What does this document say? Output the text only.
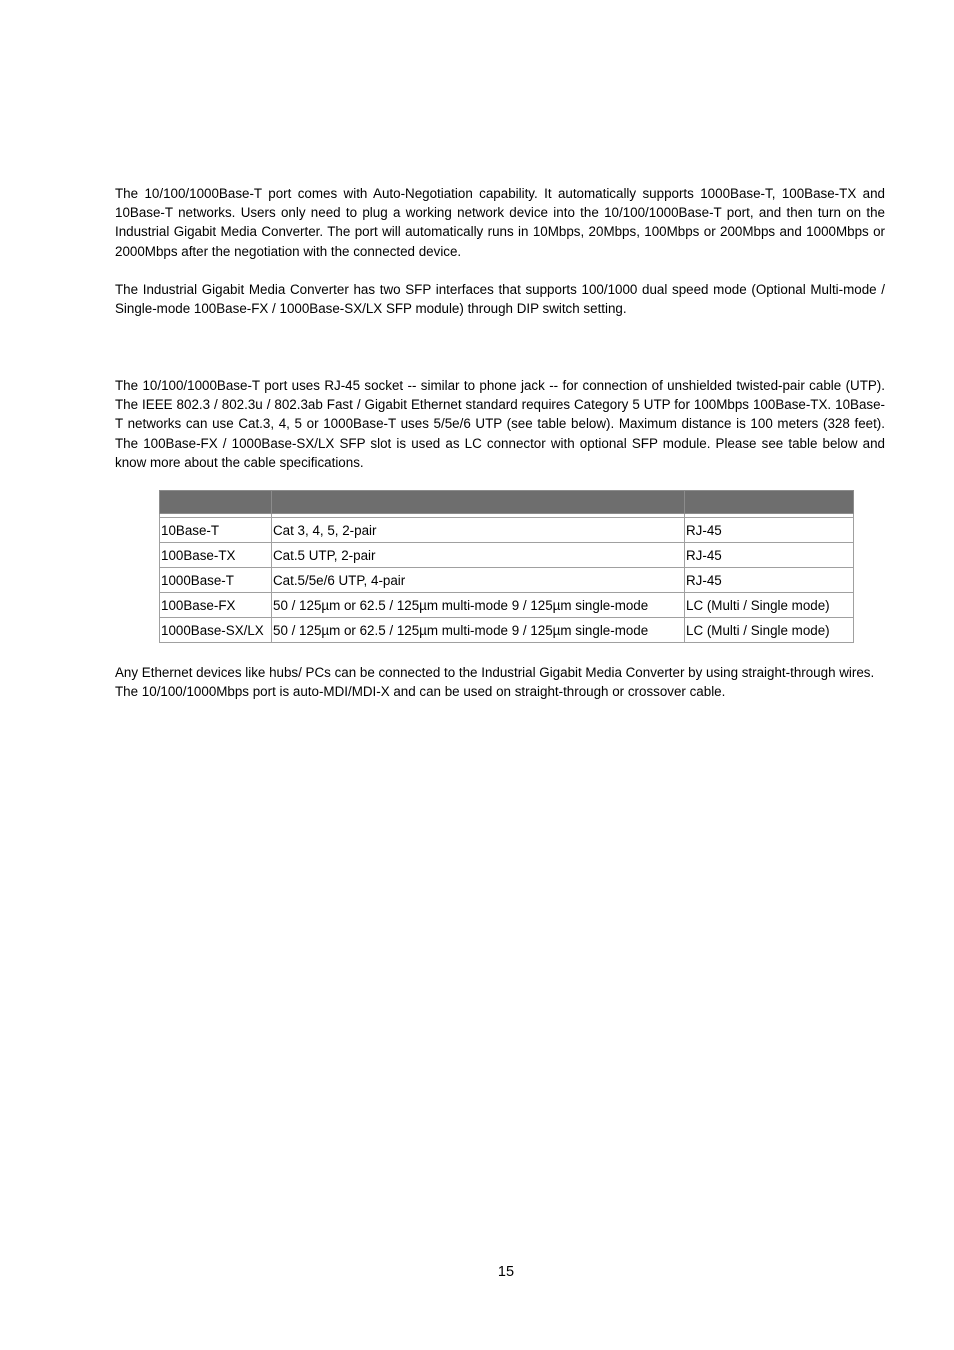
The 10/100/1000Base-T port comes with Auto-Negotiation capability. It automatically supports 1000Base-T, 100Base-TX and 10Base-T networks. Users only need to plug a working network device into the 10/100/1000Base-T port, and then turn on the Industrial Gigabit Media Converter. The port will automatically runs in 10Mbps, 20Mbps, 100Mbps or 200Mbps and 1000Mbps or 2000Mbps after the negotiation with the connected device.

The Industrial Gigabit Media Converter has two SFP interfaces that supports 100/1000 dual speed mode (Optional Multi-mode / Single-mode 100Base-FX / 1000Base-SX/LX SFP module) through DIP switch setting.

The 10/100/1000Base-T port uses RJ-45 socket -- similar to phone jack -- for connection of unshielded twisted-pair cable (UTP). The IEEE 802.3 / 802.3u / 802.3ab Fast / Gigabit Ethernet standard requires Category 5 UTP for 100Mbps 100Base-TX. 10Base-T networks can use Cat.3, 4, 5 or 1000Base-T uses 5/5e/6 UTP (see table below). Maximum distance is 100 meters (328 feet). The 100Base-FX / 1000Base-SX/LX SFP slot is used as LC connector with optional SFP module. Please see table below and know more about the cable specifications.

10Base-T	Cat 3, 4, 5, 2-pair	RJ-45
100Base-TX	Cat.5 UTP, 2-pair	RJ-45
1000Base-T	Cat.5/5e/6 UTP, 4-pair	RJ-45
100Base-FX	50 / 125µm or 62.5 / 125µm multi-mode 9 / 125µm single-mode	LC (Multi / Single mode)
1000Base-SX/LX	50 / 125µm or 62.5 / 125µm multi-mode 9 / 125µm single-mode	LC (Multi / Single mode)

Any Ethernet devices like hubs/ PCs can be connected to the Industrial Gigabit Media Converter by using straight-through wires. The 10/100/1000Mbps port is auto-MDI/MDI-X and can be used on straight-through or crossover cable.

15
